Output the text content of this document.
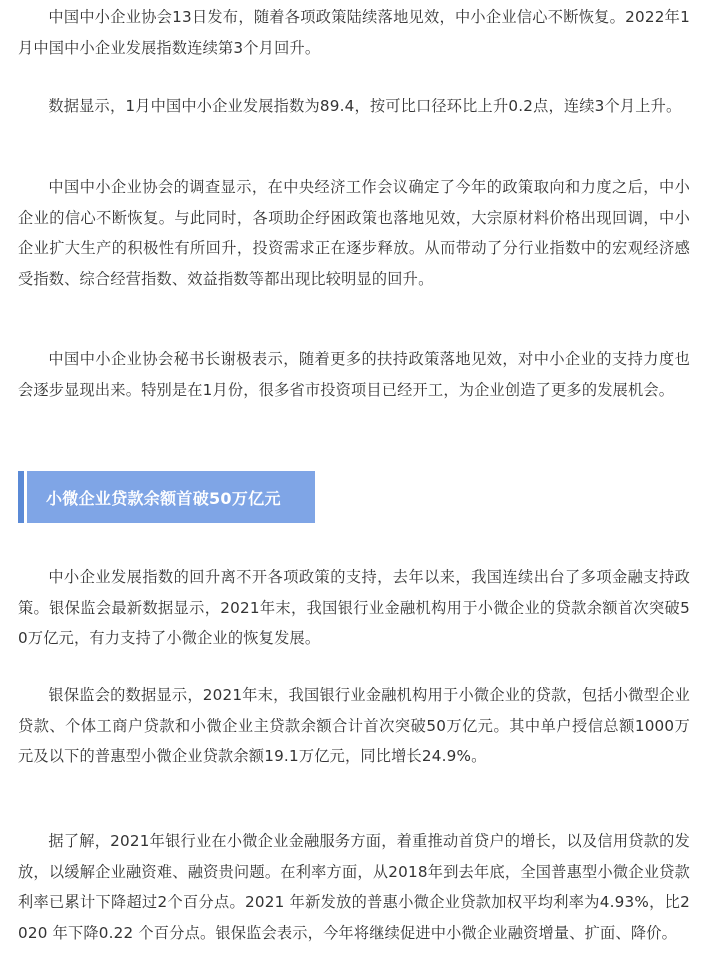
中国中小企业协会13日发布，随着各项政策陆续落地见效，中小企业信心不断恢复。2022年1月中国中小企业发展指数连续第3个月回升。

数据显示，1月中国中小企业发展指数为89.4，按可比口径环比上升0.2点，连续3个月上升。

中国中小企业协会的调查显示，在中央经济工作会议确定了今年的政策取向和力度之后，中小企业的信心不断恢复。与此同时，各项助企纾困政策也落地见效，大宗原材料价格出现回调，中小企业扩大生产的积极性有所回升，投资需求正在逐步释放。从而带动了分行业指数中的宏观经济感受指数、综合经营指数、效益指数等都出现比较明显的回升。

中国中小企业协会秘书长谢极表示，随着更多的扶持政策落地见效，对中小企业的支持力度也会逐步显现出来。特别是在1月份，很多省市投资项目已经开工，为企业创造了更多的发展机会。

小微企业贷款余额首破50万亿元

中小企业发展指数的回升离不开各项政策的支持，去年以来，我国连续出台了多项金融支持政策。银保监会最新数据显示，2021年末，我国银行业金融机构用于小微企业的贷款余额首次突破50万亿元，有力支持了小微企业的恢复发展。

银保监会的数据显示，2021年末，我国银行业金融机构用于小微企业的贷款，包括小微型企业贷款、个体工商户贷款和小微企业主贷款余额合计首次突破50万亿元。其中单户授信总额1000万元及以下的普惠型小微企业贷款余额19.1万亿元，同比增长24.9%。

据了解，2021年银行业在小微企业金融服务方面，着重推动首贷户的增长，以及信用贷款的发放，以缓解企业融资难、融资贵问题。在利率方面，从2018年到去年底，全国普惠型小微企业贷款利率已累计下降超过2个百分点。2021 年新发放的普惠小微企业贷款加权平均利率为4.93%，比2020 年下降0.22 个百分点。银保监会表示，今年将继续促进中小微企业融资增量、扩面、降价。
